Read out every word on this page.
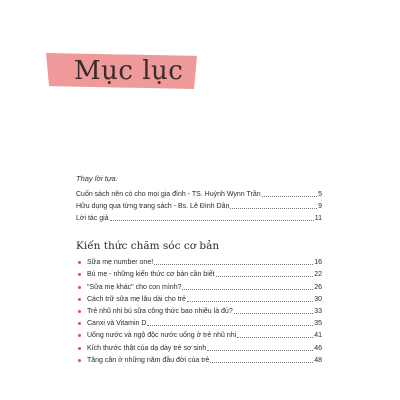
Mục lục
Thay lời tựa:
Cuốn sách nên có cho mọi gia đình - TS. Huỳnh Wynn Trần	5
Hữu dụng qua từng trang sách - Bs. Lê Đình Dân	9
Lời tác giả	11
Kiến thức chăm sóc cơ bản
Sữa mẹ number one!	16
Bú mẹ - những kiến thức cơ bản cần biết	22
"Sữa mẹ khác" cho con mình?	26
Cách trữ sữa mẹ lâu dài cho trẻ	30
Trẻ nhũ nhi bú sữa công thức bao nhiêu là đủ?	33
Canxi và Vitamin D	35
Uống nước và ngộ độc nước uống ở trẻ nhũ nhi	41
Kích thước thật của dạ dày trẻ sơ sinh	46
Tăng cân ở những năm đầu đời của trẻ	48
